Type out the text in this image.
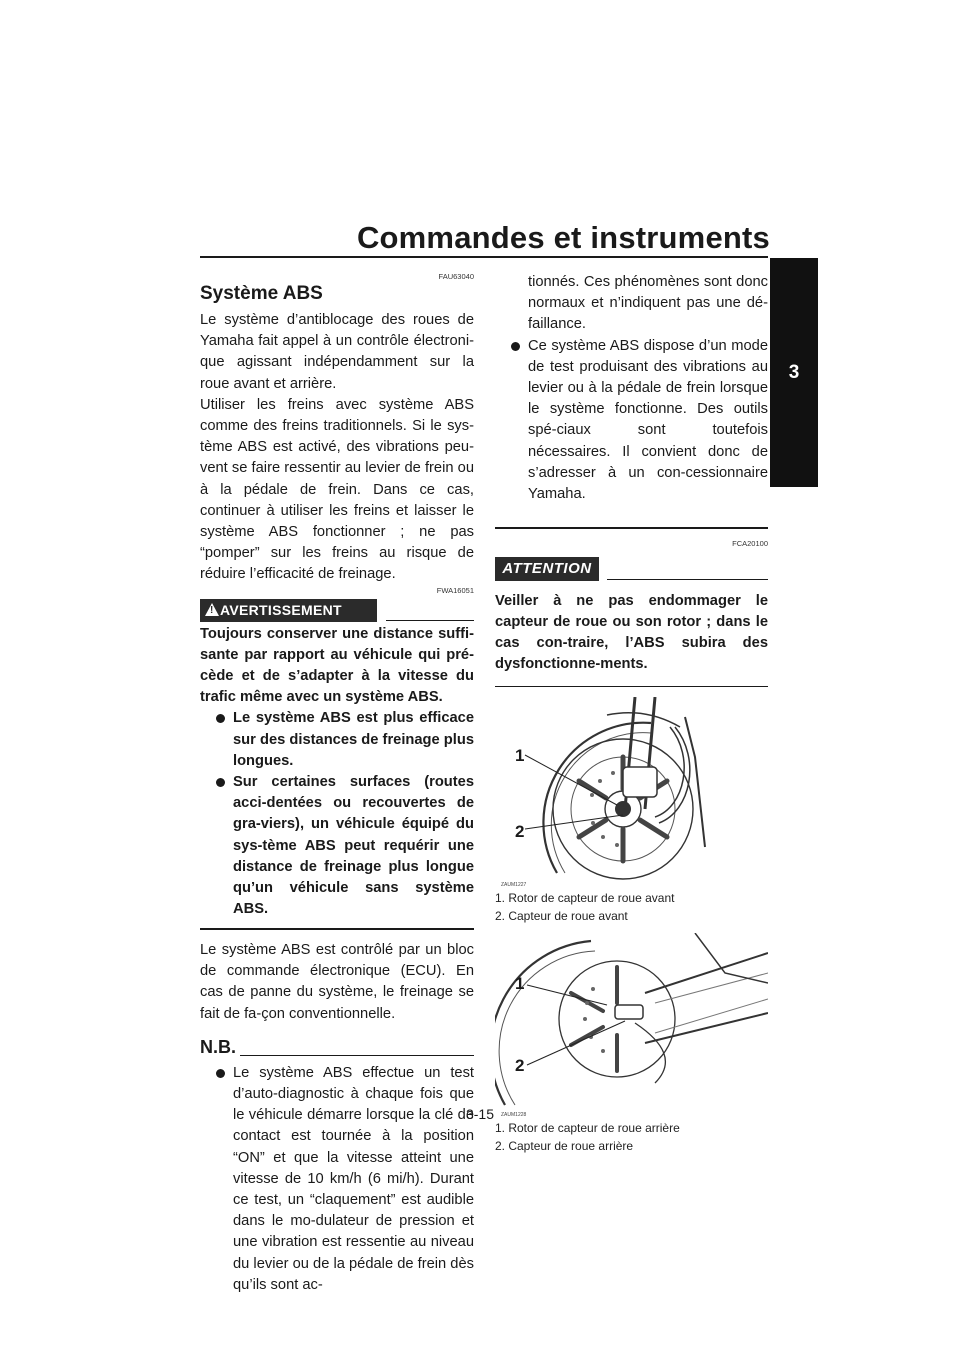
Commandes et instruments
3
FAU63040
Système ABS

Le système d’antiblocage des roues de Yamaha fait appel à un contrôle électroni-que agissant indépendamment sur la roue avant et arrière.

Utiliser les freins avec système ABS comme des freins traditionnels. Si le sys-tème ABS est activé, des vibrations peu-vent se faire ressentir au levier de frein ou à la pédale de frein. Dans ce cas, continuer à utiliser les freins et laisser le système ABS fonctionner ; ne pas “pomper” sur les freins au risque de réduire l’efficacité de freinage.

FWA16051
!
AVERTISSEMENT

Toujours conserver une distance suffi-sante par rapport au véhicule qui pré-cède et de s’adapter à la vitesse du trafic même avec un système ABS.

Le système ABS est plus efficace sur des distances de freinage plus longues.
Sur certaines surfaces (routes acci-dentées ou recouvertes de gra-viers), un véhicule équipé du sys-tème ABS peut requérir une distance de freinage plus longue qu’un véhicule sans système ABS.

Le système ABS est contrôlé par un bloc de commande électronique (ECU). En cas de panne du système, le freinage se fait de fa-çon conventionnelle.

N.B.
Le système ABS effectue un test d’auto-diagnostic à chaque fois que le véhicule démarre lorsque la clé de contact est tournée à la position “ON” et que la vitesse atteint une vitesse de 10 km/h (6 mi/h). Durant ce test, un “claquement” est audible dans le mo-dulateur de pression et une vibration est ressentie au niveau du levier ou de la pédale de frein dès qu’ils sont ac-
tionnés. Ces phénomènes sont donc normaux et n’indiquent pas une dé-faillance.
Ce système ABS dispose d’un mode de test produisant des vibrations au levier ou à la pédale de frein lorsque le système fonctionne. Des outils spé-ciaux sont toutefois nécessaires. Il convient donc de s’adresser à un con-cessionnaire Yamaha.
FCA20100
ATTENTION

Veiller à ne pas endommager le capteur de roue ou son rotor ; dans le cas con-traire, l’ABS subira des dysfonctionne-ments.

1
2
ZAUM1227
1. Rotor de capteur de roue avant
2. Capteur de roue avant
1
2
ZAUM1228
1. Rotor de capteur de roue arrière
2. Capteur de roue arrière
3-15
